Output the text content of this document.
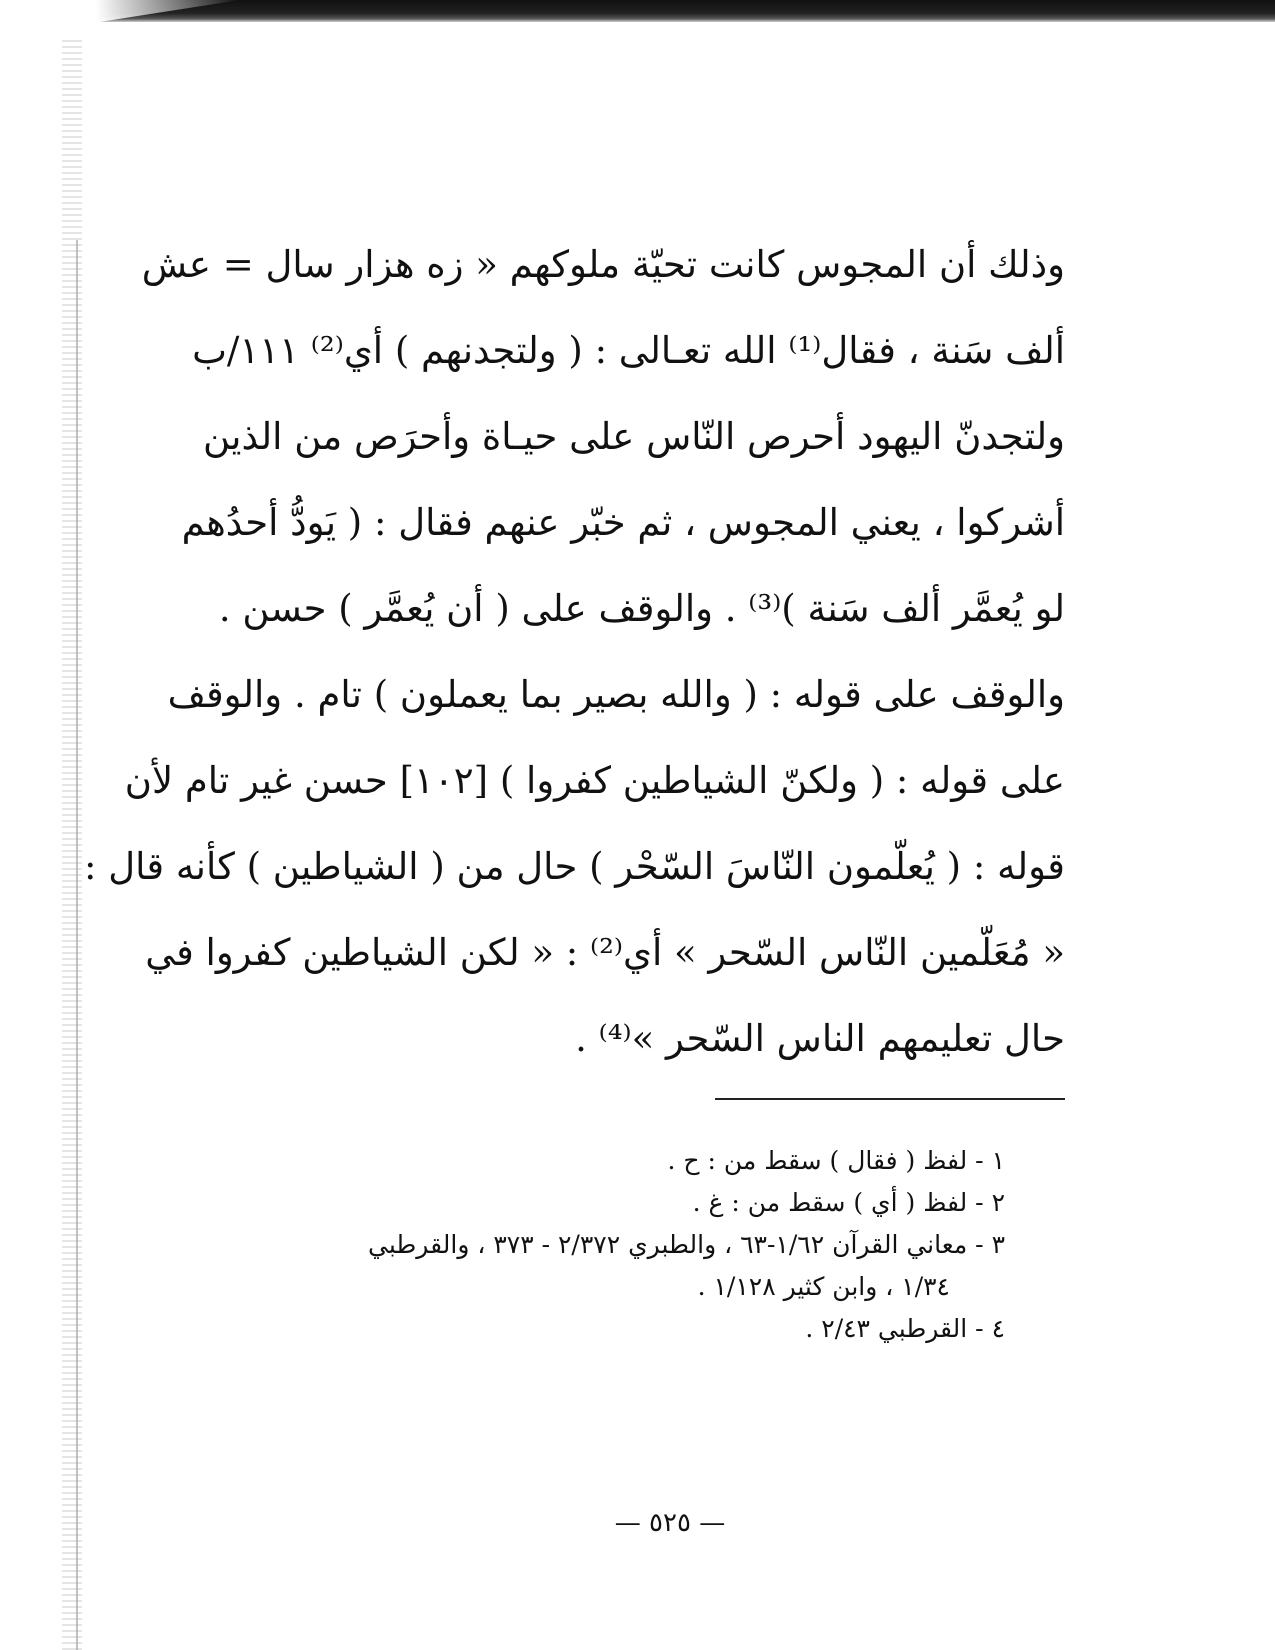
وذلك أن المجوس كانت تحيّة ملوكهم « زه هزار سال = عش
ألف سَنة ، فقال⁽¹⁾ الله تعـالى : ( ولتجدنهم ) أي⁽²⁾ ١١١/ب
ولتجدنّ اليهود أحرص النّاس على حيـاة وأحرَص من الذين
أشركوا ، يعني المجوس ، ثم خبّر عنهم فقال : ( يَودُّ أحدُهم
لو يُعمَّر ألف سَنة )⁽³⁾ . والوقف على ( أن يُعمَّر ) حسن .
والوقف على قوله : ( والله بصير بما يعملون ) تام . والوقف
على قوله : ( ولكنّ الشياطين كفروا ) [١٠٢] حسن غير تام لأن
قوله : ( يُعلّمون النّاسَ السّحْر ) حال من ( الشياطين ) كأنه قال :
« مُعَلّمين النّاس السّحر » أي⁽²⁾ : « لكن الشياطين كفروا في
حال تعليمهم الناس السّحر »⁽⁴⁾ .
١ - لفظ ( فقال ) سقط من : ح .
٢ - لفظ ( أي ) سقط من : غ .
٣ - معاني القرآن ١/٦٢-٦٣ ، والطبري ٢/٣٧٢ - ٣٧٣ ، والقرطبي
١/٣٤ ، وابن كثير ١/١٢٨ .
٤ - القرطبي ٢/٤٣ .
— ٥٢٥ —
